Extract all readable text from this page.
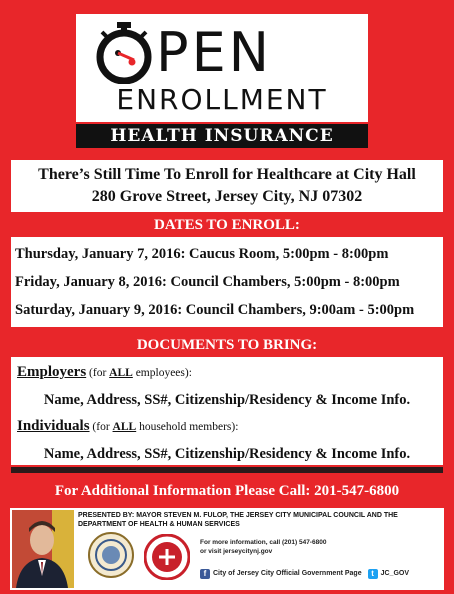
PEN
ENROLLMENT
HEALTH INSURANCE
There’s Still Time To Enroll for Healthcare at City Hall
280 Grove Street, Jersey City, NJ 07302
DATES TO ENROLL:
Thursday, January 7, 2016: Caucus Room, 5:00pm - 8:00pm
Friday, January 8, 2016: Council Chambers, 5:00pm - 8:00pm
Saturday, January 9, 2016: Council Chambers, 9:00am - 5:00pm
DOCUMENTS TO BRING:
Employers (for ALL employees):
Name, Address, SS#, Citizenship/Residency & Income Info.
Individuals (for ALL household members):
Name, Address, SS#, Citizenship/Residency & Income Info.
For Additional Information Please Call: 201-547-6800
PRESENTED BY: MAYOR STEVEN M. FULOP, THE JERSEY CITY MUNICIPAL COUNCIL AND THE DEPARTMENT OF HEALTH & HUMAN SERVICES
For more information, call (201) 547-6800
or visit jerseycitynj.gov
f City of Jersey City Official Government Page	t JC_GOV
